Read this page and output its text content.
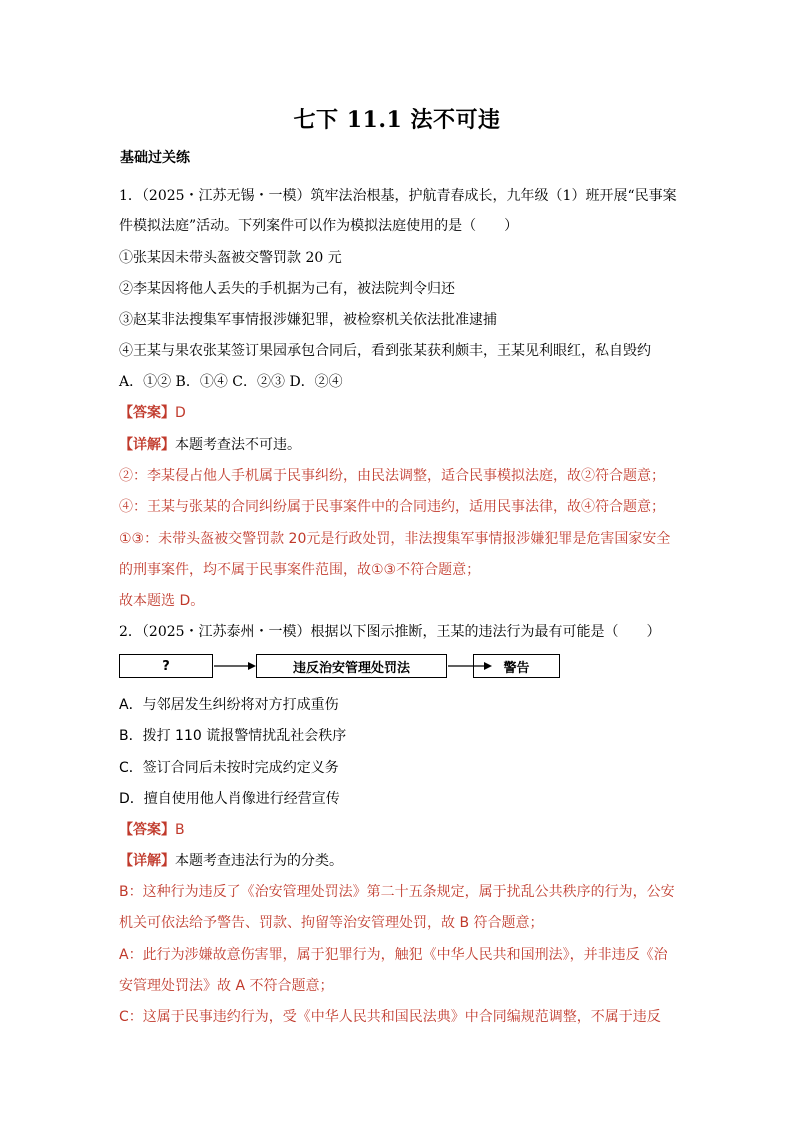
七下 11.1 法不可违
基础过关练
1．（2025・江苏无锡・一模）筑牢法治根基，护航青春成长，九年级（1）班开展“民事案
件模拟法庭”活动。下列案件可以作为模拟法庭使用的是（　　）
①张某因未带头盔被交警罚款 20 元
②李某因将他人丢失的手机据为己有，被法院判令归还
③赵某非法搜集军事情报涉嫌犯罪，被检察机关依法批准逮捕
④王某与果农张某签订果园承包合同后，看到张某获利颇丰，王某见利眼红，私自毁约
A．①② B．①④ C．②③ D．②④
【答案】D
【详解】本题考查法不可违。
②：李某侵占他人手机属于民事纠纷，由民法调整，适合民事模拟法庭，故②符合题意；
④：王某与张某的合同纠纷属于民事案件中的合同违约，适用民事法律，故④符合题意；
①③：未带头盔被交警罚款 20元是行政处罚，非法搜集军事情报涉嫌犯罪是危害国家安全
的刑事案件，均不属于民事案件范围，故①③不符合题意；
故本题选 D。
2．（2025・江苏泰州・一模）根据以下图示推断，王某的违法行为最有可能是（　　）
?	违反治安管理处罚法	警告
A．与邻居发生纠纷将对方打成重伤
B．拨打 110 谎报警情扰乱社会秩序
C．签订合同后未按时完成约定义务
D．擅自使用他人肖像进行经营宣传
【答案】B
【详解】本题考查违法行为的分类。
B：这种行为违反了《治安管理处罚法》第二十五条规定，属于扰乱公共秩序的行为，公安
机关可依法给予警告、罚款、拘留等治安管理处罚，故 B 符合题意；
A：此行为涉嫌故意伤害罪，属于犯罪行为，触犯《中华人民共和国刑法》，并非违反《治
安管理处罚法》故 A 不符合题意；
C：这属于民事违约行为，受《中华人民共和国民法典》中合同编规范调整，不属于违反
